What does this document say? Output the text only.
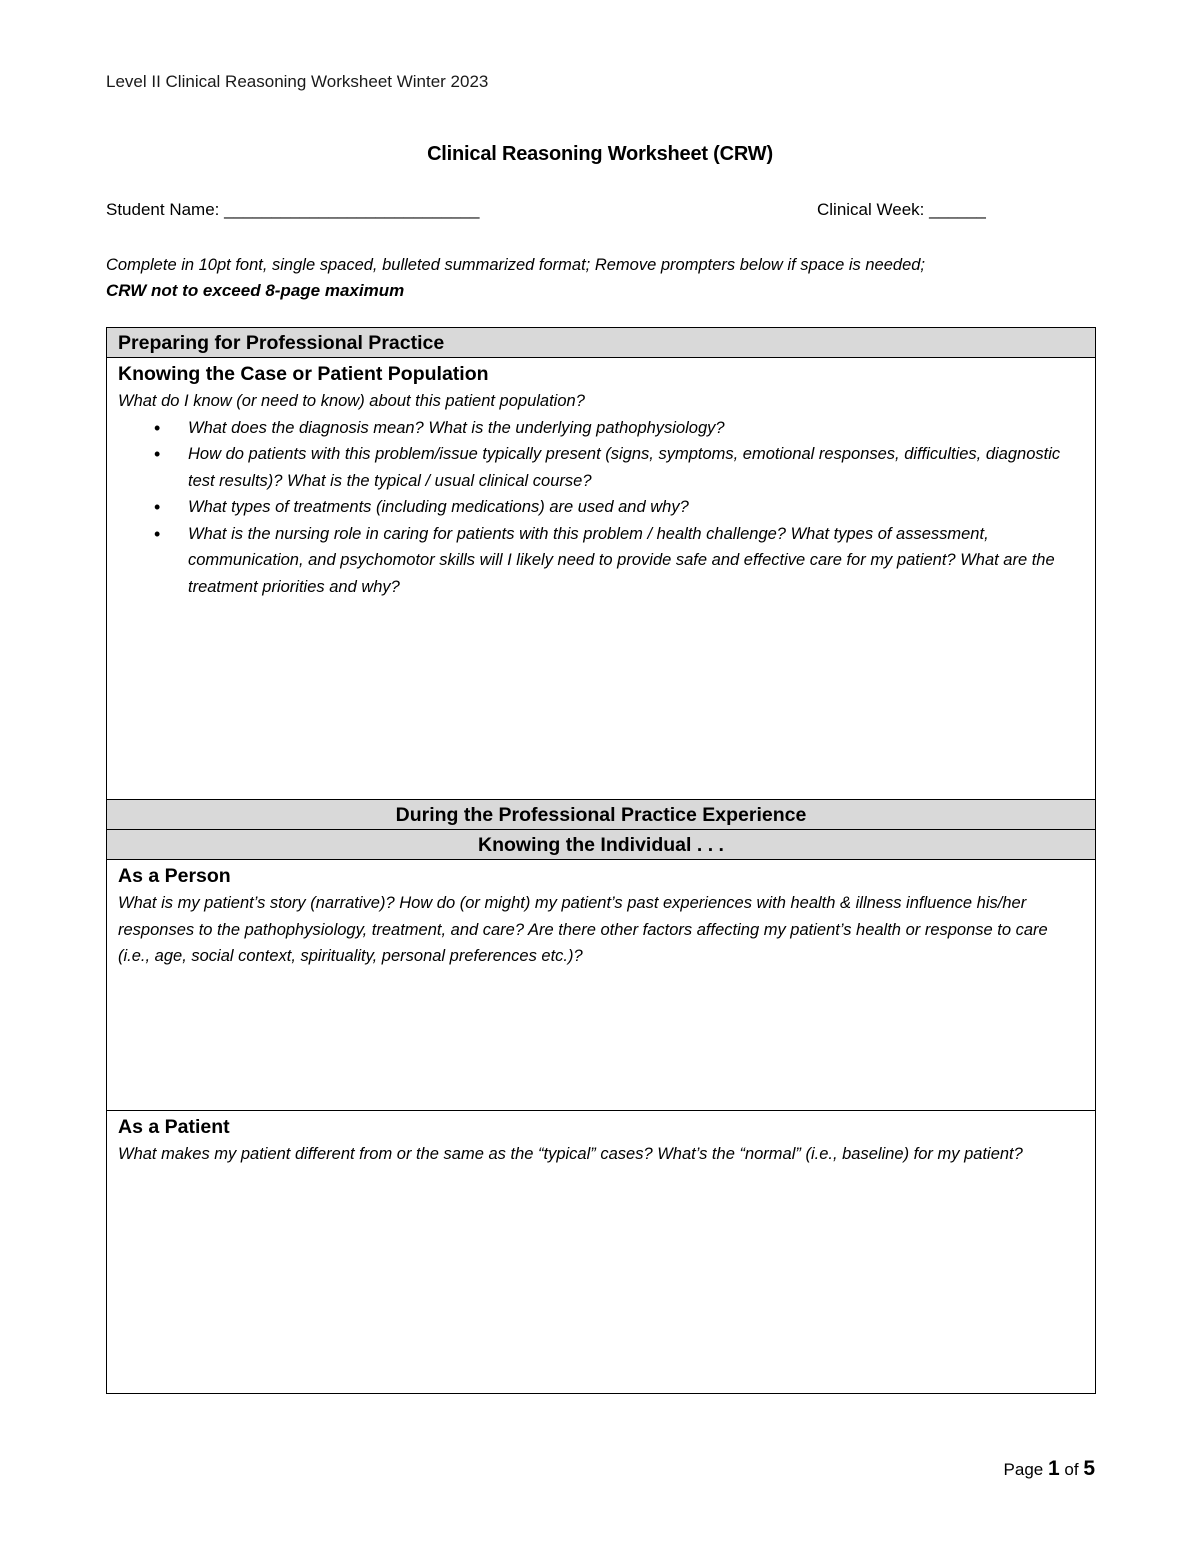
Level II Clinical Reasoning Worksheet Winter 2023
Clinical Reasoning Worksheet (CRW)
Student Name: ___________________________	Clinical Week: ______
Complete in 10pt font, single spaced, bulleted summarized format; Remove prompters below if space is needed;
CRW not to exceed 8-page maximum
Preparing for Professional Practice
Knowing the Case or Patient Population
What do I know (or need to know) about this patient population?
• What does the diagnosis mean? What is the underlying pathophysiology?
• How do patients with this problem/issue typically present (signs, symptoms, emotional responses, difficulties, diagnostic test results)? What is the typical / usual clinical course?
• What types of treatments (including medications) are used and why?
• What is the nursing role in caring for patients with this problem / health challenge? What types of assessment, communication, and psychomotor skills will I likely need to provide safe and effective care for my patient? What are the treatment priorities and why?
During the Professional Practice Experience
Knowing the Individual . . .
As a Person
What is my patient’s story (narrative)? How do (or might) my patient’s past experiences with health & illness influence his/her responses to the pathophysiology, treatment, and care? Are there other factors affecting my patient’s health or response to care (i.e., age, social context, spirituality, personal preferences etc.)?
As a Patient
What makes my patient different from or the same as the “typical” cases? What’s the “normal” (i.e., baseline) for my patient?
Page 1 of 5
